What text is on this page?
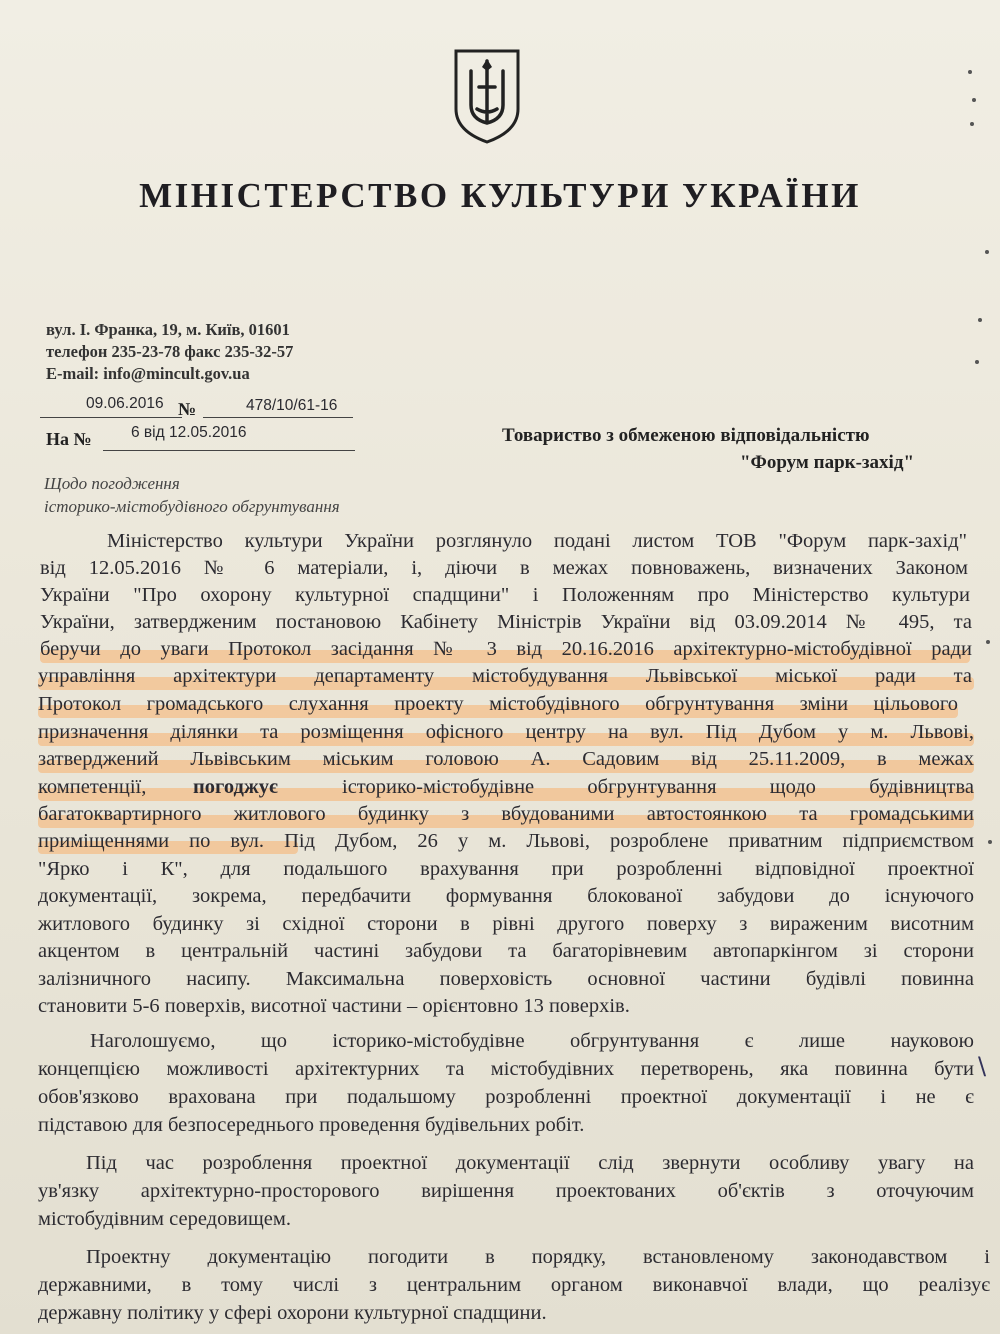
МІНІСТЕРСТВО КУЛЬТУРИ УКРАЇНИ
вул. І. Франка, 19, м. Київ, 01601
телефон 235-23-78 факс 235-32-57
E-mail: info@mincult.gov.ua
09.06.2016 №	478/10/61-16
На №	6 від 12.05.2016	Товариство з обмеженою відповідальністю
"Форум парк-захід"
Щодо погодження
історико-містобудівного обгрунтування
Міністерство культури України розглянуло подані листом ТОВ "Форум парк-захід"
від 12.05.2016 № 6 матеріали, і, діючи в межах повноважень, визначених Законом
України "Про охорону культурної спадщини" і Положенням про Міністерство культури
України, затвердженим постановою Кабінету Міністрів України від 03.09.2014 № 495, та
беручи до уваги Протокол засідання № 3 від 20.16.2016 архітектурно-містобудівної ради
управління архітектури департаменту містобудування Львівської міської ради та
Протокол громадського слухання проекту містобудівного обгрунтування зміни цільового
призначення ділянки та розміщення офісного центру на вул. Під Дубом у м. Львові,
затверджений Львівським міським головою А. Садовим від 25.11.2009, в межах
компетенції, погоджує	історико-містобудівне обгрунтування щодо будівництва
багатоквартирного житлового будинку з вбудованими автостоянкою та громадськими
приміщеннями по вул. Під Дубом, 26 у м. Львові, розроблене приватним підприємством
"Ярко і К", для подальшого врахування при розробленні відповідної проектної
документації, зокрема, передбачити формування блокованої забудови до існуючого
житлового будинку зі східної сторони в рівні другого поверху з вираженим висотним
акцентом в центральній частині забудови та багаторівневим автопаркінгом зі сторони
залізничного насипу. Максимальна поверховість основної частини будівлі повинна
становити 5-6 поверхів, висотної частини – орієнтовно 13 поверхів.
Наголошуємо, що історико-містобудівне обгрунтування є лише науковою
концепцією можливості архітектурних та містобудівних перетворень, яка повинна бути
обов'язково врахована при подальшому розробленні проектної документації і не є
підставою для безпосереднього проведення будівельних робіт.
Під час розроблення проектної документації слід звернути особливу увагу на
ув'язку архітектурно-просторового вирішення проектованих об'єктів з оточуючим
містобудівним середовищем.
Проектну документацію погодити в порядку, встановленому законодавством і
державними, в тому числі з центральним органом виконавчої влади, що реалізує
державну політику у сфері охорони культурної спадщини.
\
